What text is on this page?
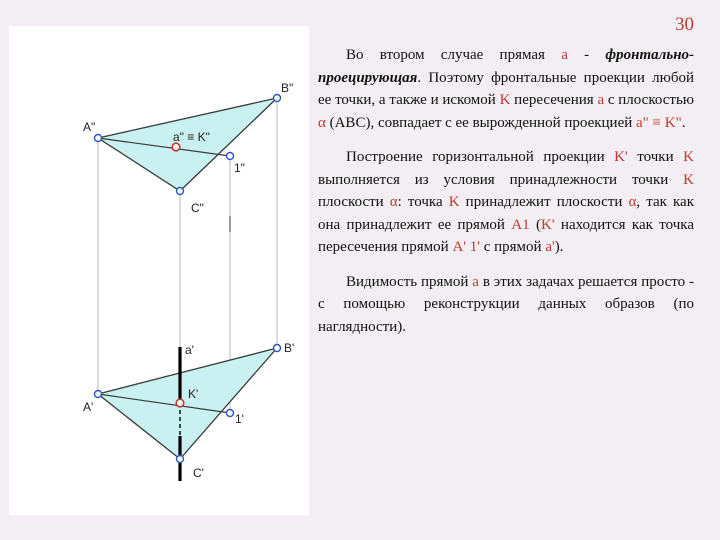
30
A"
B"
C"
a" ≡ K"
1"
A'
B'
C'
a'
K'
1'

Во втором случае прямая a - фронтально-проецирующая. Поэтому фронтальные проекции любой ее точки, а также и искомой K пересечения a с плоскостью α (ABC), совпадает с ее вырожденной проекцией a" ≡ K".

Построение горизонтальной проекции K' точки K выполняется из условия принадлежности точки K плоскости α: точка K принадлежит плоскости α, так как она принадлежит ее прямой A1 (K' находится как точка пересечения прямой A' 1' с прямой a').

Видимость прямой a в этих задачах решается просто - с помощью реконструкции данных образов (по наглядности).
